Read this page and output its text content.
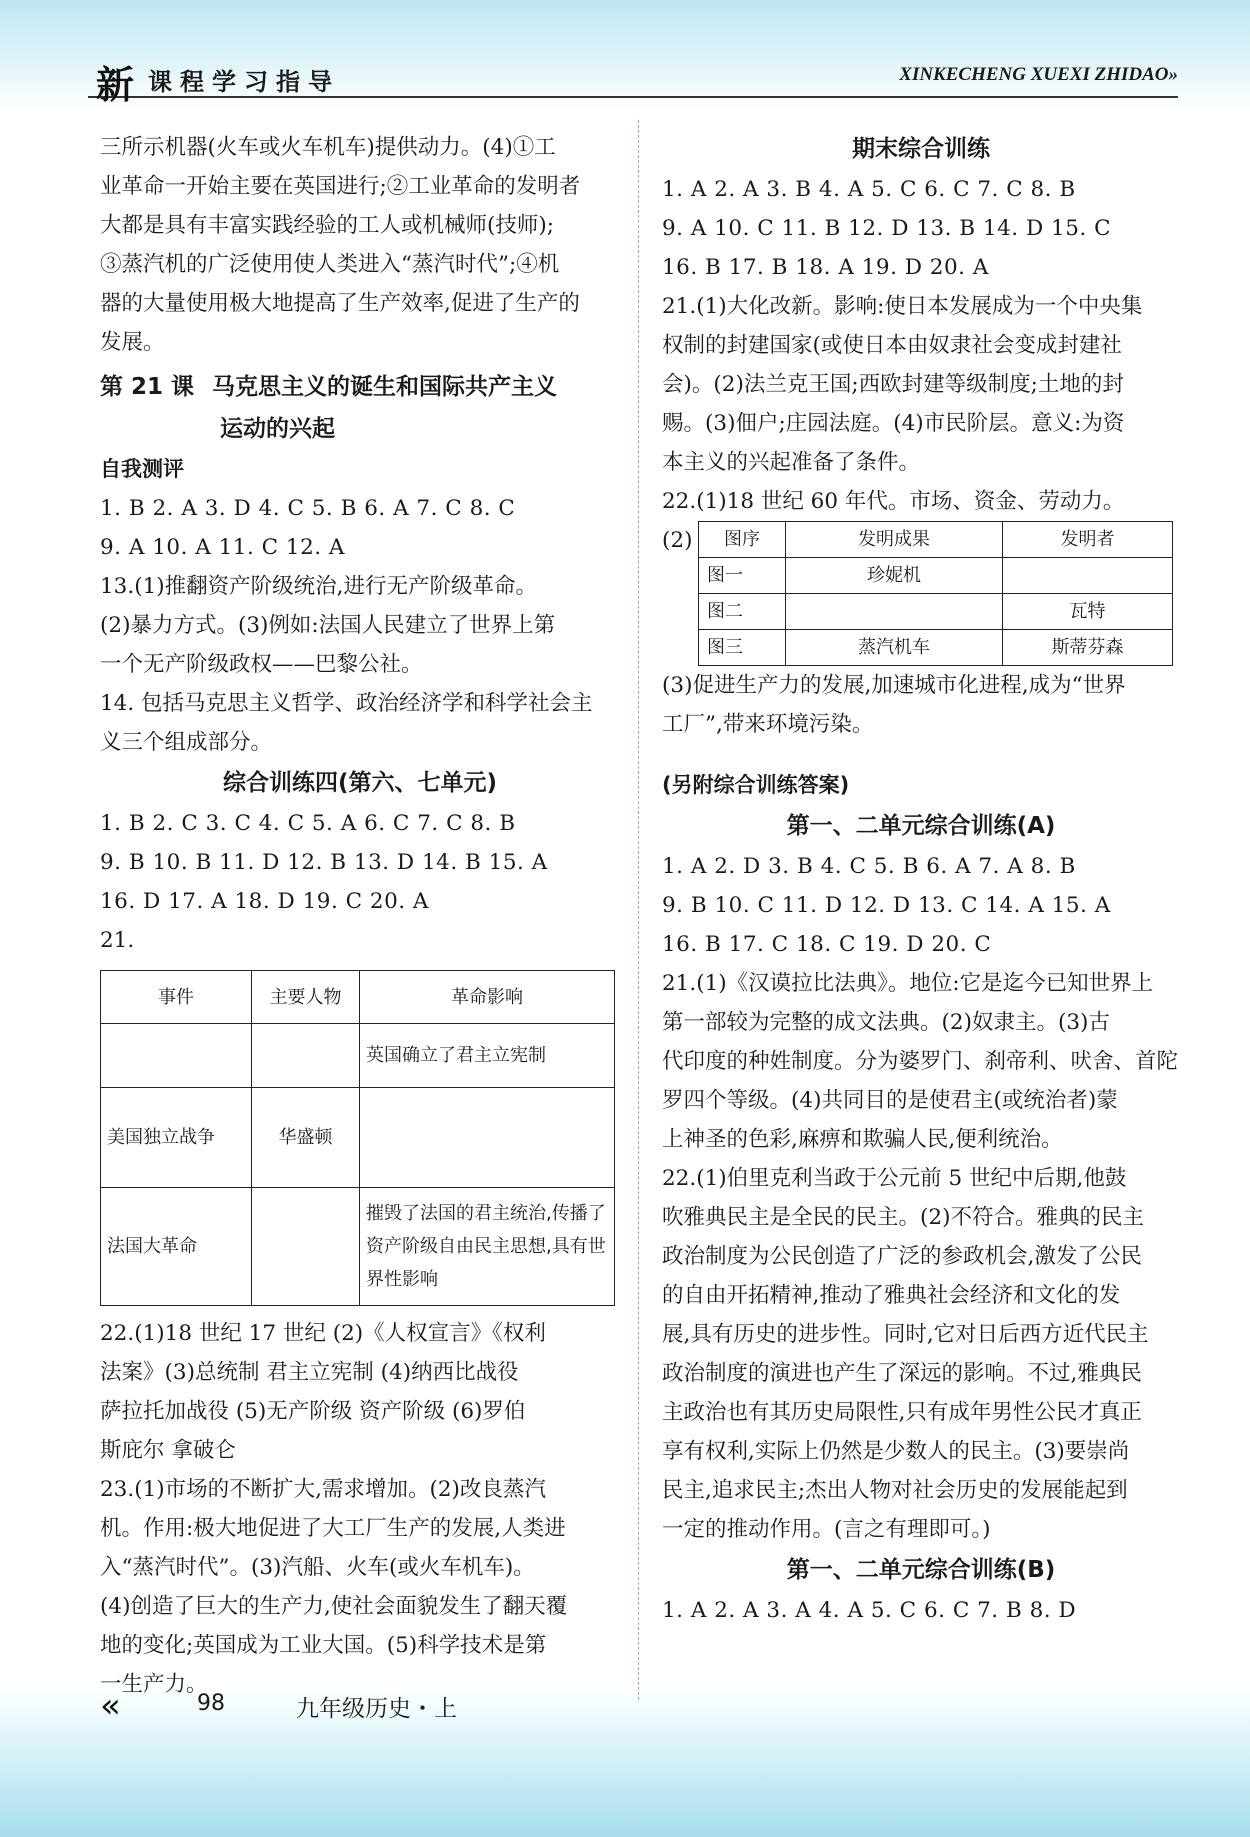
新 课程学习指导	XINKECHENG XUEXI ZHIDAO»

三所示机器(火车或火车机车)提供动力。(4)①工

业革命一开始主要在英国进行;②工业革命的发明者

大都是具有丰富实践经验的工人或机械师(技师);

③蒸汽机的广泛使用使人类进入“蒸汽时代”;④机

器的大量使用极大地提高了生产效率,促进了生产的

发展。

第 21 课 马克思主义的诞生和国际共产主义
运动的兴起

自我测评

1. B 2. A 3. D 4. C 5. B 6. A 7. C 8. C

9. A 10. A 11. C 12. A

13.(1)推翻资产阶级统治,进行无产阶级革命。

(2)暴力方式。(3)例如:法国人民建立了世界上第

一个无产阶级政权——巴黎公社。

14. 包括马克思主义哲学、政治经济学和科学社会主

义三个组成部分。

综合训练四(第六、七单元)

1. B 2. C 3. C 4. C 5. A 6. C 7. C 8. B

9. B 10. B 11. D 12. B 13. D 14. B 15. A

16. D 17. A 18. D 19. C 20. A

21.

事件	主要人物	革命影响
		英国确立了君主立宪制
美国独立战争	华盛顿	
法国大革命		摧毁了法国的君主统治,传播了资产阶级自由民主思想,具有世界性影响

22.(1)18 世纪 17 世纪 (2)《人权宣言》《权利

法案》(3)总统制 君主立宪制 (4)纳西比战役

萨拉托加战役 (5)无产阶级 资产阶级 (6)罗伯

斯庇尔 拿破仑

23.(1)市场的不断扩大,需求增加。(2)改良蒸汽

机。作用:极大地促进了大工厂生产的发展,人类进

入“蒸汽时代”。(3)汽船、火车(或火车机车)。

(4)创造了巨大的生产力,使社会面貌发生了翻天覆

地的变化;英国成为工业大国。(5)科学技术是第

一生产力。

期末综合训练

1. A 2. A 3. B 4. A 5. C 6. C 7. C 8. B

9. A 10. C 11. B 12. D 13. B 14. D 15. C

16. B 17. B 18. A 19. D 20. A

21.(1)大化改新。影响:使日本发展成为一个中央集

权制的封建国家(或使日本由奴隶社会变成封建社

会)。(2)法兰克王国;西欧封建等级制度;土地的封

赐。(3)佃户;庄园法庭。(4)市民阶层。意义:为资

本主义的兴起准备了条件。

22.(1)18 世纪 60 年代。市场、资金、劳动力。

(2) 图序	发明成果	发明者
图一	珍妮机	
图二		瓦特
图三	蒸汽机车	斯蒂芬森

(3)促进生产力的发展,加速城市化进程,成为“世界

工厂”,带来环境污染。

(另附综合训练答案)

第一、二单元综合训练(A)

1. A 2. D 3. B 4. C 5. B 6. A 7. A 8. B

9. B 10. C 11. D 12. D 13. C 14. A 15. A

16. B 17. C 18. C 19. D 20. C

21.(1)《汉谟拉比法典》。地位:它是迄今已知世界上

第一部较为完整的成文法典。(2)奴隶主。(3)古

代印度的种姓制度。分为婆罗门、刹帝利、吠舍、首陀

罗四个等级。(4)共同目的是使君主(或统治者)蒙

上神圣的色彩,麻痹和欺骗人民,便利统治。

22.(1)伯里克利当政于公元前 5 世纪中后期,他鼓

吹雅典民主是全民的民主。(2)不符合。雅典的民主

政治制度为公民创造了广泛的参政机会,激发了公民

的自由开拓精神,推动了雅典社会经济和文化的发

展,具有历史的进步性。同时,它对日后西方近代民主

政治制度的演进也产生了深远的影响。不过,雅典民

主政治也有其历史局限性,只有成年男性公民才真正

享有权利,实际上仍然是少数人的民主。(3)要崇尚

民主,追求民主;杰出人物对社会历史的发展能起到

一定的推动作用。(言之有理即可。)

第一、二单元综合训练(B)

1. A 2. A 3. A 4. A 5. C 6. C 7. B 8. D

«	98	九年级历史・上
